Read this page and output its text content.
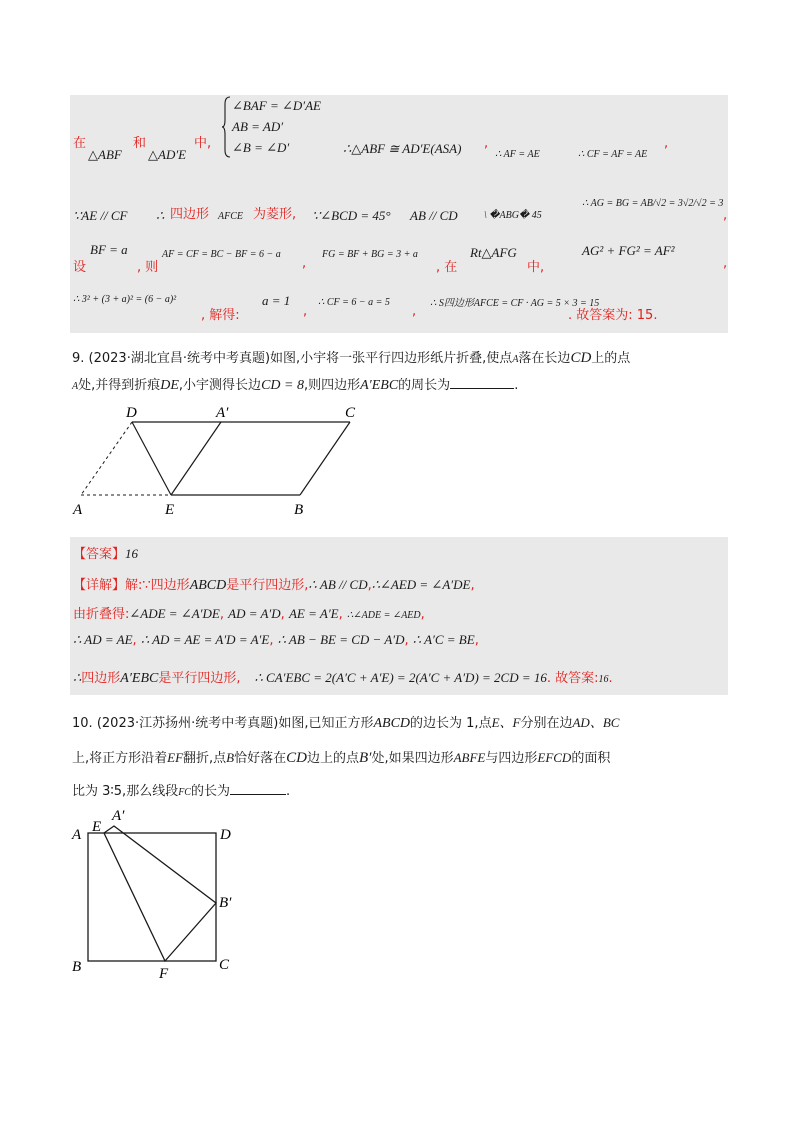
在
△ABF
和
△AD′E
中,
∠BAF = ∠D′AE
AB = AD′
∠B = ∠D′	∴△ABF ≅ AD′E(ASA) ,
∴ AF = AE	∴ CF = AF = AE
,
∵AE // CF ∴ 四边形 AFCE 为菱形, ∵∠BCD = 45° AB // CD	\ �ABG� 45
∴ AG = BG = AB/√2 = 3√2/√2 = 3
,
设
BF = a
, 则
AF = CF = BC − BF = 6 − a
,
FG = BF + BG = 3 + a
, 在
Rt△AFG
中,
AG² + FG² = AF²
,
∴ 3² + (3 + a)² = (6 − a)²
, 解得:
a = 1
,
∴ CF = 6 − a = 5
,
∴ S四边形AFCE = CF · AG = 5 × 3 = 15
. 故答案为: 15.
9. (2023·湖北宜昌·统考中考真题)如图,小宇将一张平行四边形纸片折叠,使点A落在长边CD上的点
A处,并得到折痕DE,小宇测得长边CD = 8,则四边形A′EBC的周长为	.
D	A′	C
A	E	B
【答案】16
【详解】解:∵四边形ABCD是平行四边形,∴ AB // CD,∴∠AED = ∠A′DE,
由折叠得:∠ADE = ∠A′DE, AD = A′D, AE = A′E, ∴∠ADE = ∠AED,
∴ AD = AE, ∴ AD = AE = A′D = A′E, ∴ AB − BE = CD − A′D, ∴ A′C = BE,
∴四边形A′EBC是平行四边形, ∴ CA′EBC = 2(A′C + A′E) = 2(A′C + A′D) = 2CD = 16. 故答案:16.
10. (2023·江苏扬州·统考中考真题)如图,已知正方形ABCD的边长为 1,点E、F分别在边AD、BC
上,将正方形沿着EF翻折,点B恰好落在CD边上的点B′处,如果四边形ABFE与四边形EFCD的面积
比为 3∶5,那么线段FC的长为	.
A E
A′
D
B′
B	F
C
